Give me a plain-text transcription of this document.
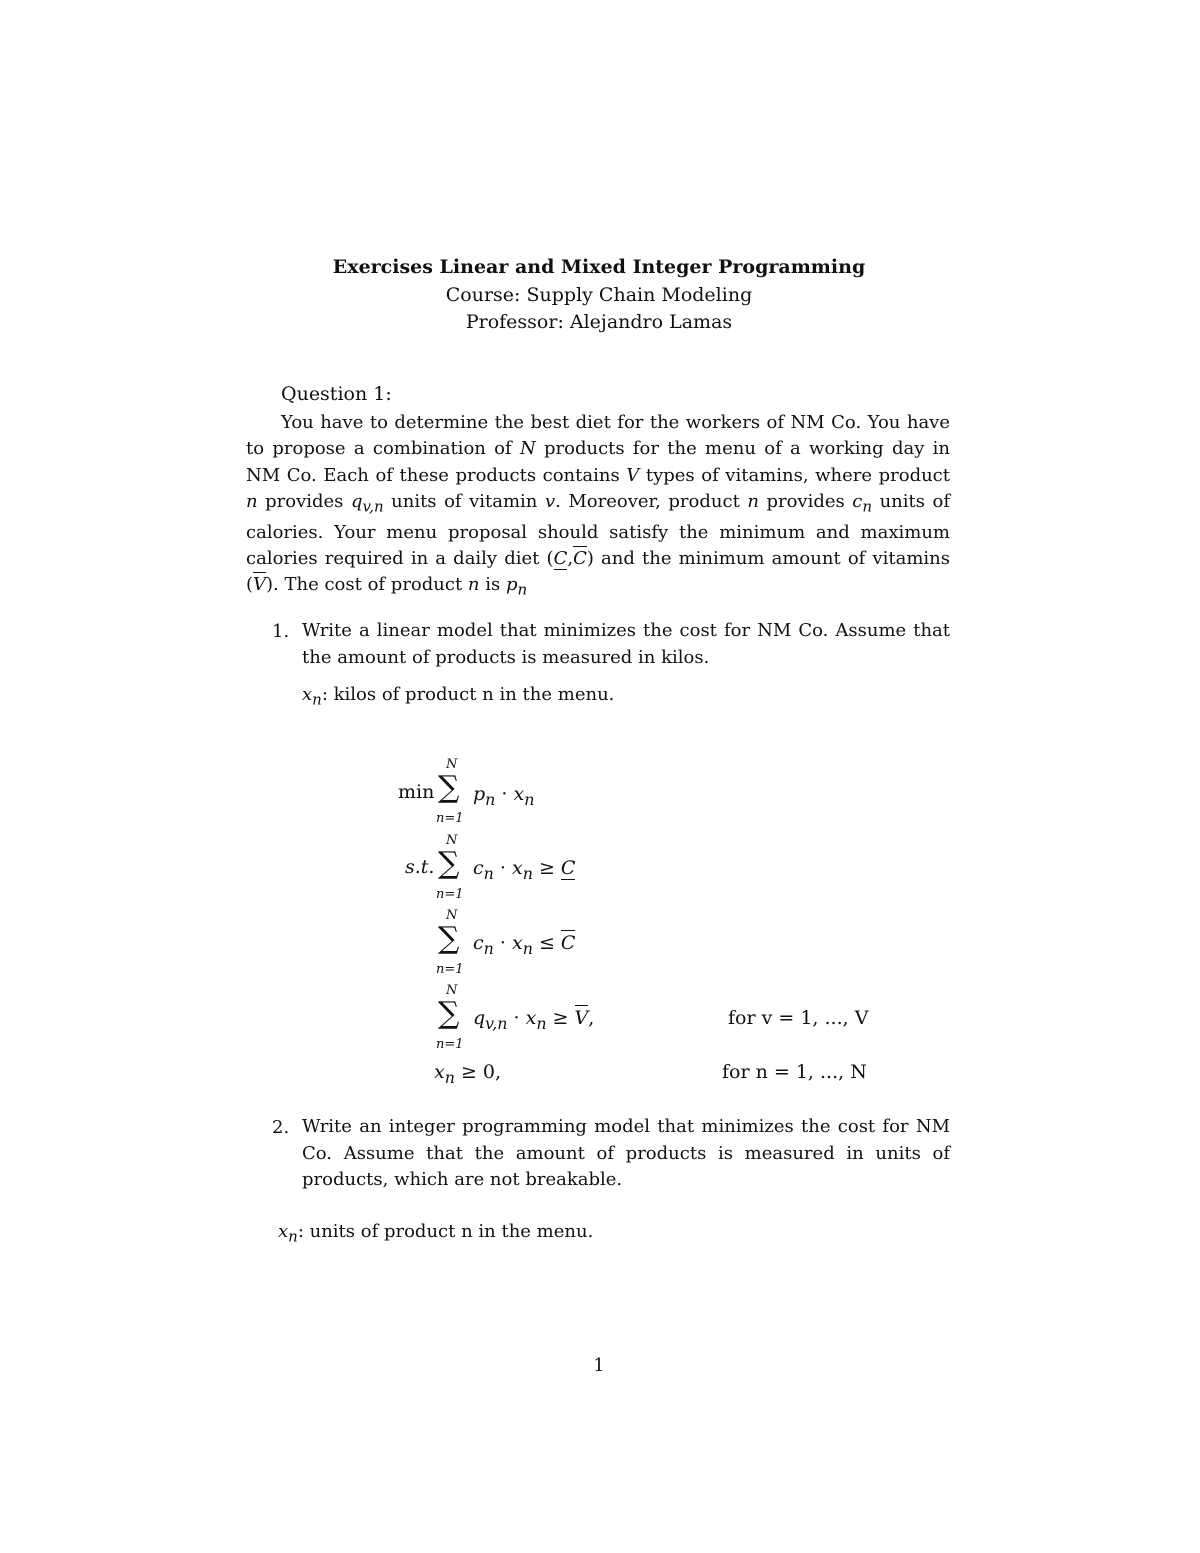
Exercises Linear and Mixed Integer Programming
Course: Supply Chain Modeling
Professor: Alejandro Lamas
Question 1:
You have to determine the best diet for the workers of NM Co. You have to propose a combination of N products for the menu of a working day in NM Co. Each of these products contains V types of vitamins, where product n provides $q_{v,n}$ units of vitamin v. Moreover, product n provides $c_n$ units of calories. Your menu proposal should satisfy the minimum and maximum calories required in a daily diet (C,C) and the minimum amount of vitamins (V). The cost of product n is $p_n$
1. Write a linear model that minimizes the cost for NM Co. Assume that the amount of products is measured in kilos.
$x_n$: kilos of product n in the menu.
min
s.t.
N
∑
n=1
$p_n \cdot x_n$
N
∑
n=1
$c_n \cdot x_n \ge C$
N
∑
n=1
$c_n \cdot x_n \le C$
N
∑
n=1
$q_{v,n} \cdot x_n \ge V$,	for v = 1, ..., V
$x_n \ge 0$,	for n = 1, ..., N
2. Write an integer programming model that minimizes the cost for NM Co. Assume that the amount of products is measured in units of products, which are not breakable.
$x_n$: units of product n in the menu.
1
